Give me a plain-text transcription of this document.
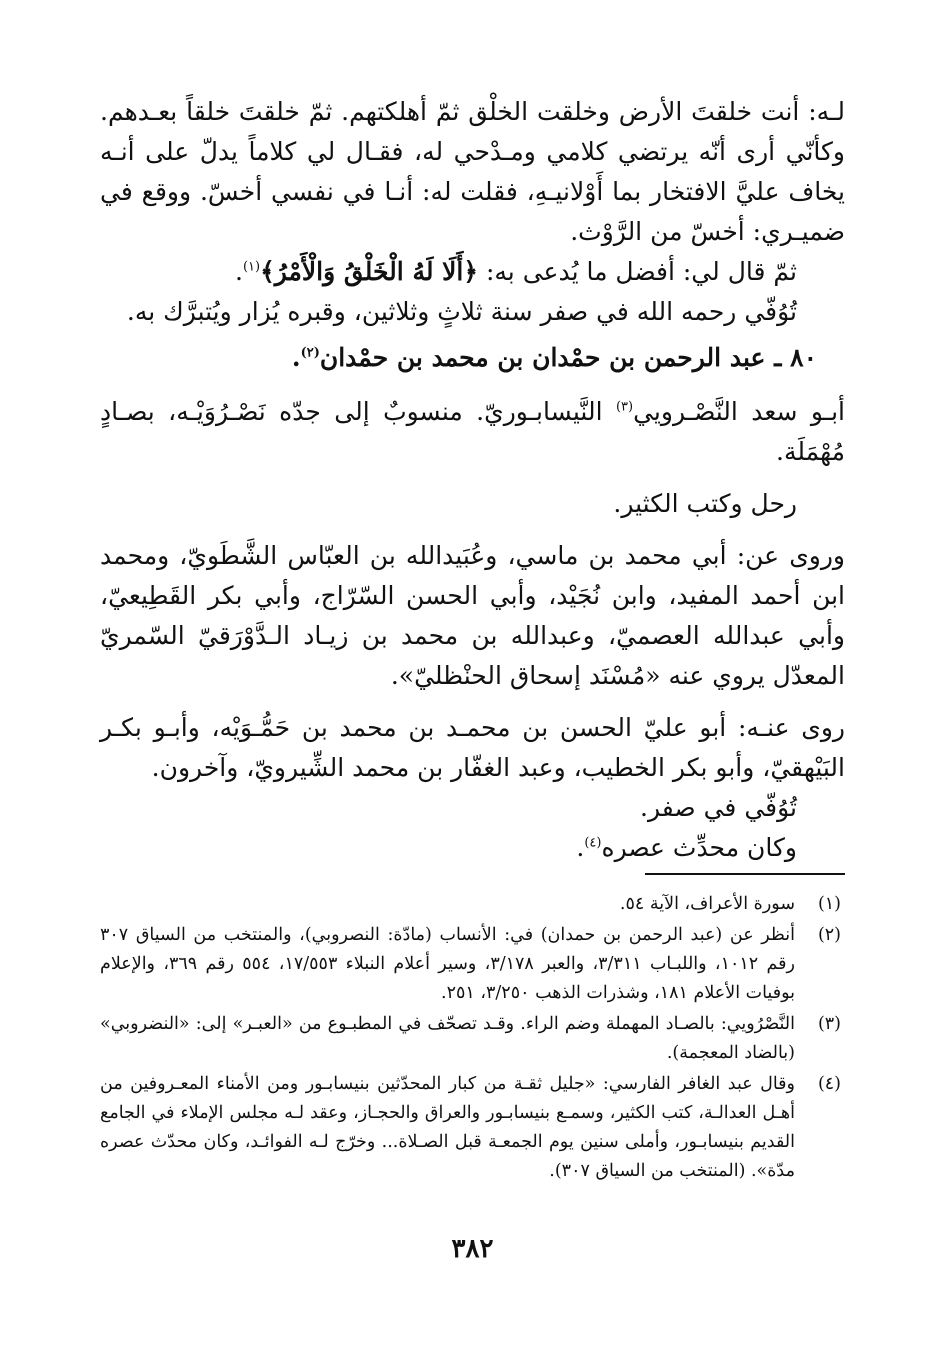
لـه: أنت خلقتَ الأرض وخلقت الخلْق ثمّ أهلكتهم. ثمّ خلقتَ خلقاً بعـدهم. وكأنّي أرى أنّه يرتضي كلامي ومـدْحي له، فقـال لي كلاماً يدلّ على أنـه يخاف عليَّ الافتخار بما أَوْلانيـهِ، فقلت له: أنـا في نفسي أخسّ. ووقع في ضميـري: أخسّ من الرَّوْث.

ثمّ قال لي: أفضل ما يُدعى به: ﴿أَلَا لَهُ الْخَلْقُ وَالْأَمْرُ﴾$^{(١)}$.

تُوُفّي رحمه الله في صفر سنة ثلاثٍ وثلاثين، وقبره يُزار ويُتبرَّك به.

٨٠ ـ عبد الرحمن بن حمْدان بن محمد بن حمْدان$^{(٢)}$.

أبـو سعد النَّصْـرويي$^{(٣)}$ النَّيسابـوريّ. منسوبٌ إلى جدّه نَصْـرُوَيْـه، بصـادٍ مُهْمَلَة.

رحل وكتب الكثير.

وروى عن: أبي محمد بن ماسي، وعُبَيدالله بن العبّاس الشَّطَويّ، ومحمد ابن أحمد المفيد، وابن نُجَيْد، وأبي الحسن السّرّاج، وأبي بكر القَطِيعيّ، وأبي عبدالله العصميّ، وعبدالله بن محمد بن زيـاد الـدَّوْرَقيّ السّمريّ المعدّل يروي عنه «مُسْنَد إسحاق الحنْظليّ».

روى عنـه: أبو عليّ الحسن بن محمـد بن محمد بن حَمُّـوَيْه، وأبـو بكـر البَيْهقيّ، وأبو بكر الخطيب، وعبد الغفّار بن محمد الشِّيرويّ، وآخرون.

تُوُفّي في صفر.

وكان محدِّث عصره$^{(٤)}$.

(١)
سورة الأعراف، الآية ٥٤.
(٢)
أنظر عن (عبد الرحمن بن حمدان) في: الأنساب (مادّة: النصروبي)، والمنتخب من السياق ٣٠٧ رقم ١٠١٢، واللبـاب ٣/٣١١، والعبر ٣/١٧٨، وسير أعلام النبلاء ١٧/٥٥٣، ٥٥٤ رقم ٣٦٩، والإعلام بوفيات الأعلام ١٨١، وشذرات الذهب ٣/٢٥٠، ٢٥١.
(٣)
النَّصْرُويي: بالصـاد المهملة وضم الراء. وقـد تصحّف في المطبـوع من «العبـر» إلى: «النضروبي» (بالضاد المعجمة).
(٤)
وقال عبد الغافر الفارسي: «جليل ثقـة من كبار المحدّثين بنيسابـور ومن الأمناء المعـروفين من أهـل العدالـة، كتب الكثير، وسمـع بنيسابـور والعراق والحجـاز، وعقد لـه مجلس الإملاء في الجامع القديم بنيسابـور، وأملى سنين يوم الجمعـة قبل الصـلاة... وخرّج لـه الفوائـد، وكان محدّث عصره مدّة». (المنتخب من السياق ٣٠٧).
٣٨٢
